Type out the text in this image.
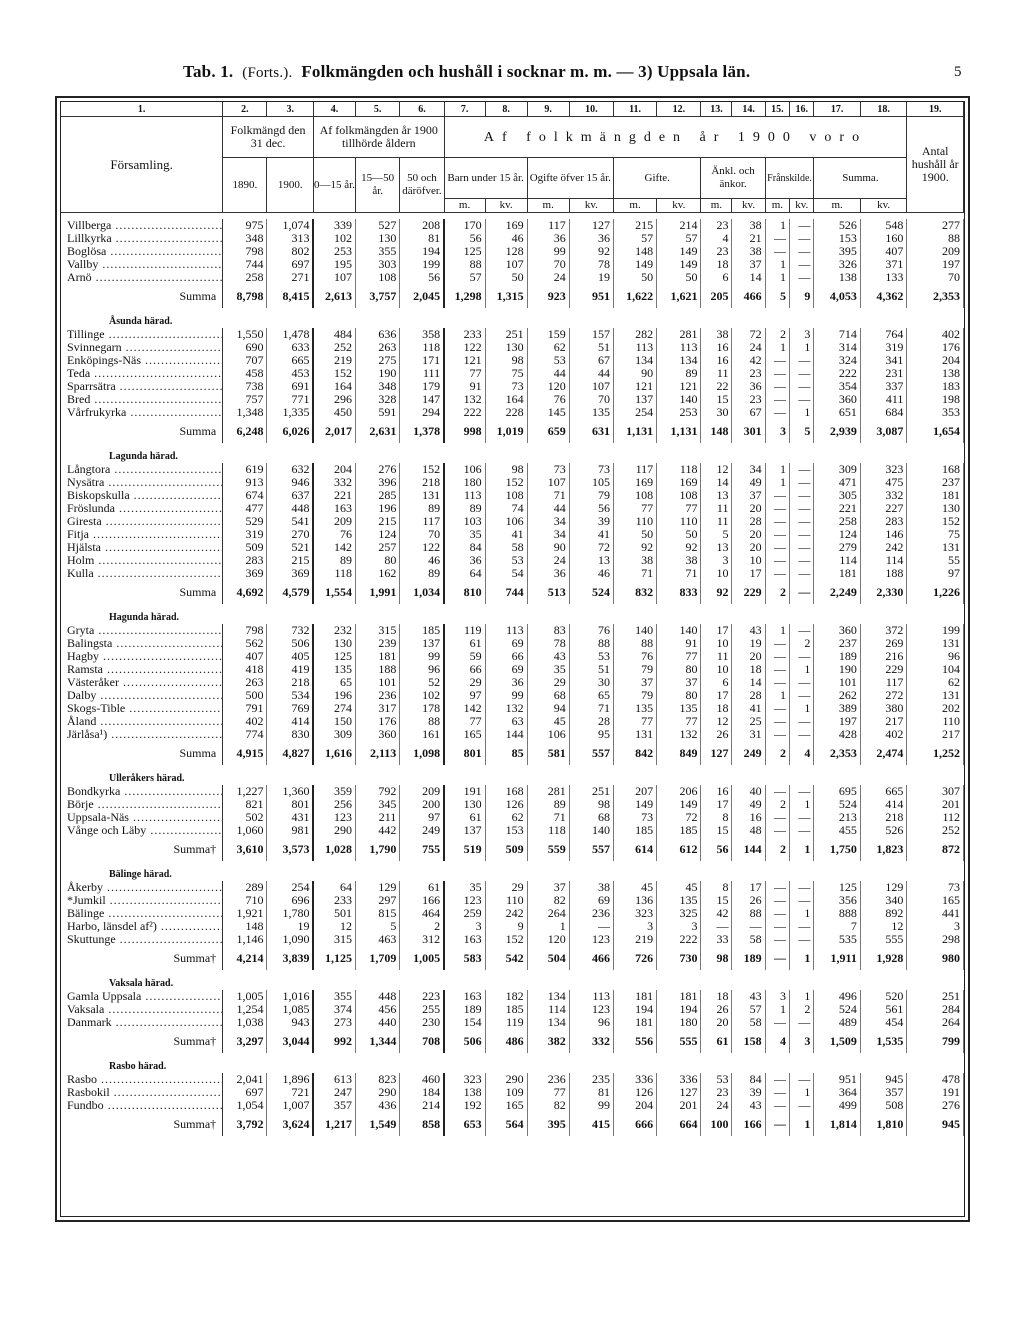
Tab. 1. (Forts.). Folkmängden och hushåll i socknar m. m. — 3) Uppsala län.	5
1.	2.	3.	4.	5.	6.	7.	8.	9.	10.	11.	12.	13.	14.	15.	16.	17.	18.	19.
Församling.	Folkmängd den 31 dec.		Af folkmängden år 1900 tillhörde åldern			Af folkmängden år 1900 voro												Antal hushåll år 1900.
	1890.	1900.	0—15 år.	15—50 år.	50 och däröfver.	Barn under 15 år.		Ogifte öfver 15 år.		Gifte.		Änkl. och änkor.		Frånskilde.		Summa.		
						m.	kv.	m.	kv.	m.	kv.	m.	kv.	m.	kv.	m.	kv.	

Villberga .....	975	1,074	339	527	208	170	169	117	127	215	214	23	38	1	—	526	548	277
Lillkyrka .....	348	313	102	130	81	56	46	36	36	57	57	4	21	—	—	153	160	88
Boglösa .....	798	802	253	355	194	125	128	99	92	148	149	23	38	—	—	395	407	209
Vallby .....	744	697	195	303	199	88	107	70	78	149	149	18	37	1	—	326	371	197
Arnö .....	258	271	107	108	56	57	50	24	19	50	50	6	14	1	—	138	133	70
Summa	8,798	8,415	2,613	3,757	2,045	1,298	1,315	923	951	1,622	1,621	205	466	5	9	4,053	4,362	2,353
Åsunda härad.																		
Tillinge .....	1,550	1,478	484	636	358	233	251	159	157	282	281	38	72	2	3	714	764	402
Svinnegarn .....	690	633	252	263	118	122	130	62	51	113	113	16	24	1	1	314	319	176
Enköpings-Näs .....	707	665	219	275	171	121	98	53	67	134	134	16	42	—	—	324	341	204
Teda .....	458	453	152	190	111	77	75	44	44	90	89	11	23	—	—	222	231	138
Sparrsätra .....	738	691	164	348	179	91	73	120	107	121	121	22	36	—	—	354	337	183
Bred .....	757	771	296	328	147	132	164	76	70	137	140	15	23	—	—	360	411	198
Vårfrukyrka .....	1,348	1,335	450	591	294	222	228	145	135	254	253	30	67	—	1	651	684	353
Summa	6,248	6,026	2,017	2,631	1,378	998	1,019	659	631	1,131	1,131	148	301	3	5	2,939	3,087	1,654
Lagunda härad.																		
Långtora .....	619	632	204	276	152	106	98	73	73	117	118	12	34	1	—	309	323	168
Nysätra .....	913	946	332	396	218	180	152	107	105	169	169	14	49	1	—	471	475	237
Biskopskulla .....	674	637	221	285	131	113	108	71	79	108	108	13	37	—	—	305	332	181
Fröslunda .....	477	448	163	196	89	89	74	44	56	77	77	11	20	—	—	221	227	130
Giresta .....	529	541	209	215	117	103	106	34	39	110	110	11	28	—	—	258	283	152
Fitja .....	319	270	76	124	70	35	41	34	41	50	50	5	20	—	—	124	146	75
Hjälsta .....	509	521	142	257	122	84	58	90	72	92	92	13	20	—	—	279	242	131
Holm .....	283	215	89	80	46	36	53	24	13	38	38	3	10	—	—	114	114	55
Kulla .....	369	369	118	162	89	64	54	36	46	71	71	10	17	—	—	181	188	97
Summa	4,692	4,579	1,554	1,991	1,034	810	744	513	524	832	833	92	229	2	—	2,249	2,330	1,226
Hagunda härad.																		
Gryta .....	798	732	232	315	185	119	113	83	76	140	140	17	43	1	—	360	372	199
Balingsta .....	562	506	130	239	137	61	69	78	88	88	91	10	19	—	2	237	269	131
Hagby .....	407	405	125	181	99	59	66	43	53	76	77	11	20	—	—	189	216	96
Ramsta .....	418	419	135	188	96	66	69	35	51	79	80	10	18	—	1	190	229	104
Västeråker .....	263	218	65	101	52	29	36	29	30	37	37	6	14	—	—	101	117	62
Dalby .....	500	534	196	236	102	97	99	68	65	79	80	17	28	1	—	262	272	131
Skogs-Tible .....	791	769	274	317	178	142	132	94	71	135	135	18	41	—	1	389	380	202
Åland .....	402	414	150	176	88	77	63	45	28	77	77	12	25	—	—	197	217	110
Järlåsa¹) .....	774	830	309	360	161	165	144	106	95	131	132	26	31	—	—	428	402	217
Summa	4,915	4,827	1,616	2,113	1,098	801	85	581	557	842	849	127	249	2	4	2,353	2,474	1,252
Ulleråkers härad.																		
Bondkyrka .....	1,227	1,360	359	792	209	191	168	281	251	207	206	16	40	—	—	695	665	307
Börje .....	821	801	256	345	200	130	126	89	98	149	149	17	49	2	1	524	414	201
Uppsala-Näs .....	502	431	123	211	97	61	62	71	68	73	72	8	16	—	—	213	218	112
Vånge och Läby .....	1,060	981	290	442	249	137	153	118	140	185	185	15	48	—	—	455	526	252
Summa†	3,610	3,573	1,028	1,790	755	519	509	559	557	614	612	56	144	2	1	1,750	1,823	872
Bälinge härad.																		
Åkerby .....	289	254	64	129	61	35	29	37	38	45	45	8	17	—	—	125	129	73
*Jumkil .....	710	696	233	297	166	123	110	82	69	136	135	15	26	—	—	356	340	165
Bälinge .....	1,921	1,780	501	815	464	259	242	264	236	323	325	42	88	—	1	888	892	441
Harbo, länsdel af²) .....	148	19	12	5	2	3	9	1	—	3	3	—	—	—	—	7	12	3
Skuttunge .....	1,146	1,090	315	463	312	163	152	120	123	219	222	33	58	—	—	535	555	298
Summa†	4,214	3,839	1,125	1,709	1,005	583	542	504	466	726	730	98	189	—	1	1,911	1,928	980
Vaksala härad.																		
Gamla Uppsala .....	1,005	1,016	355	448	223	163	182	134	113	181	181	18	43	3	1	496	520	251
Vaksala .....	1,254	1,085	374	456	255	189	185	114	123	194	194	26	57	1	2	524	561	284
Danmark .....	1,038	943	273	440	230	154	119	134	96	181	180	20	58	—	—	489	454	264
Summa†	3,297	3,044	992	1,344	708	506	486	382	332	556	555	61	158	4	3	1,509	1,535	799
Rasbo härad.																		
Rasbo .....	2,041	1,896	613	823	460	323	290	236	235	336	336	53	84	—	—	951	945	478
Rasbokil .....	697	721	247	290	184	138	109	77	81	126	127	23	39	—	1	364	357	191
Fundbo .....	1,054	1,007	357	436	214	192	165	82	99	204	201	24	43	—	—	499	508	276
Summa†	3,792	3,624	1,217	1,549	858	653	564	395	415	666	664	100	166	—	1	1,814	1,810	945
